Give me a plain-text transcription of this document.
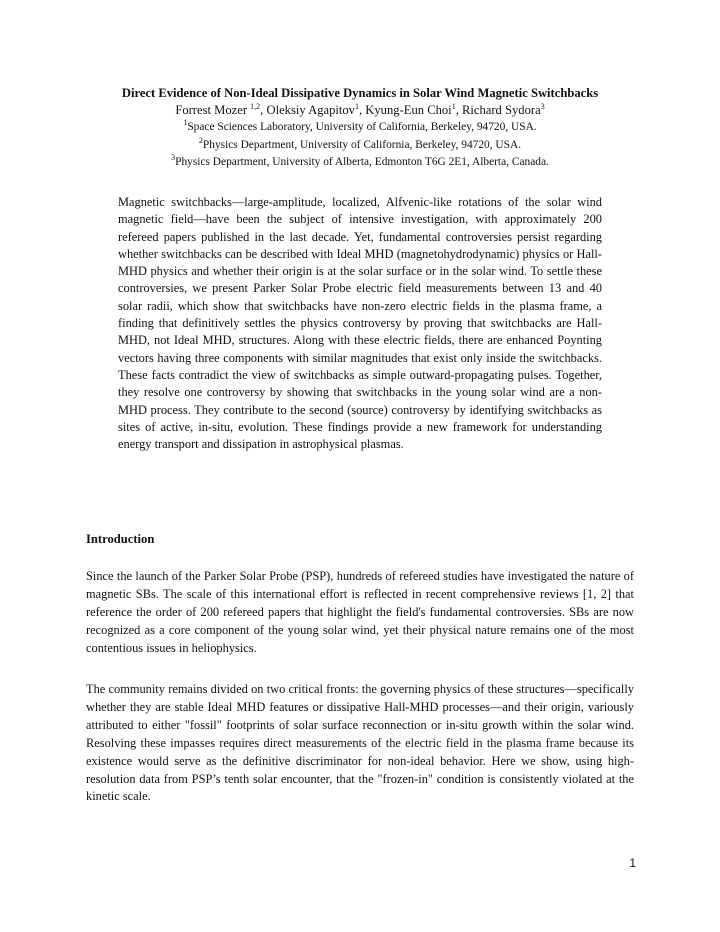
Direct Evidence of Non-Ideal Dissipative Dynamics in Solar Wind Magnetic Switchbacks

Forrest Mozer $^{1,2}$, Oleksiy Agapitov$^1$, Kyung-Eun Choi$^1$, Richard Sydora$^3$

$^1$Space Sciences Laboratory, University of California, Berkeley, 94720, USA.

$^2$Physics Department, University of California, Berkeley, 94720, USA.

$^3$Physics Department, University of Alberta, Edmonton T6G 2E1, Alberta, Canada.

Magnetic switchbacks—large-amplitude, localized, Alfvenic-like rotations of the solar wind magnetic field—have been the subject of intensive investigation, with approximately 200 refereed papers published in the last decade. Yet, fundamental controversies persist regarding whether switchbacks can be described with Ideal MHD (magnetohydrodynamic) physics or Hall-MHD physics and whether their origin is at the solar surface or in the solar wind. To settle these controversies, we present Parker Solar Probe electric field measurements between 13 and 40 solar radii, which show that switchbacks have non-zero electric fields in the plasma frame, a finding that definitively settles the physics controversy by proving that switchbacks are Hall-MHD, not Ideal MHD, structures. Along with these electric fields, there are enhanced Poynting vectors having three components with similar magnitudes that exist only inside the switchbacks. These facts contradict the view of switchbacks as simple outward-propagating pulses. Together, they resolve one controversy by showing that switchbacks in the young solar wind are a non-MHD process. They contribute to the second (source) controversy by identifying switchbacks as sites of active, in-situ, evolution. These findings provide a new framework for understanding energy transport and dissipation in astrophysical plasmas.

Introduction

Since the launch of the Parker Solar Probe (PSP), hundreds of refereed studies have investigated the nature of magnetic SBs. The scale of this international effort is reflected in recent comprehensive reviews [1, 2] that reference the order of 200 refereed papers that highlight the field's fundamental controversies. SBs are now recognized as a core component of the young solar wind, yet their physical nature remains one of the most contentious issues in heliophysics.

The community remains divided on two critical fronts: the governing physics of these structures—specifically whether they are stable Ideal MHD features or dissipative Hall-MHD processes—and their origin, variously attributed to either "fossil" footprints of solar surface reconnection or in-situ growth within the solar wind. Resolving these impasses requires direct measurements of the electric field in the plasma frame because its existence would serve as the definitive discriminator for non-ideal behavior. Here we show, using high-resolution data from PSP’s tenth solar encounter, that the "frozen-in" condition is consistently violated at the kinetic scale.

1
